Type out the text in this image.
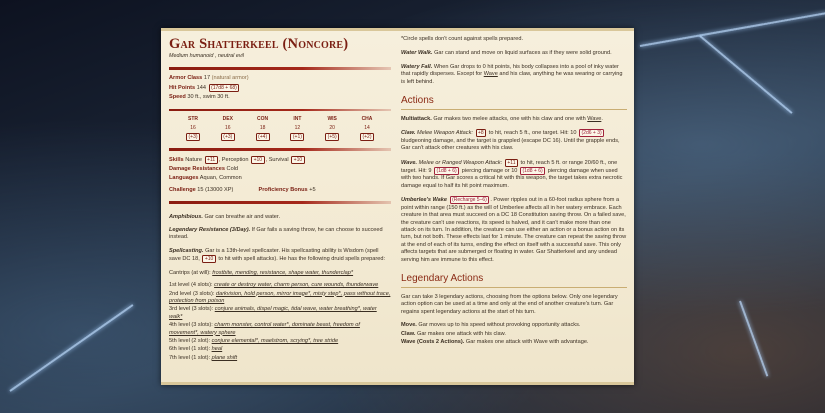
Gar Shatterkeel (Noncore)
Medium humanoid , neutral evil
Armor Class 17 (natural armor)
Hit Points 144 (17d8 + 68)
Speed 30 ft., swim 30 ft.
STR
16
(+3)
DEX
16
(+3)
CON
18
(+4)
INT
12
(+1)
WIS
20
(+5)
CHA
14
(+2)
Skills Nature +11 , Perception +10 , Survival +10
Damage Resistances Cold
Languages Aquan, Common
Challenge 15 (13000 XP)	Proficiency Bonus +5
Amphibious. Gar can breathe air and water.
Legendary Resistance (3/Day). If Gar fails a saving throw, he can choose to succeed instead.
Spellcasting. Gar is a 13th-level spellcaster. His spellcasting ability is Wisdom (spell save DC 18, +10 to hit with spell attacks). He has the following druid spells prepared:
Cantrips (at will): frostbite, mending, resistance, shape water, thunderclap*
1st level (4 slots): create or destroy water, charm person, cure wounds, thunderwave
2nd level (3 slots): darkvision, hold person, mirror image*, misty step*, pass without trace, protection from poison
3rd level (3 slots): conjure animals, dispel magic, tidal wave, water breathing*, water walk*
4th level (3 slots): charm monster, control water*, dominate beast, freedom of movement*, watery sphere
5th level (2 slot): conjure elemental*, maelstrom, scrying*, tree stride
6th level (1 slot): heal
7th level (1 slot): plane shift
*Circle spells don't count against spells prepared.
Water Walk. Gar can stand and move on liquid surfaces as if they were solid ground.
Watery Fall. When Gar drops to 0 hit points, his body collapses into a pool of inky water that rapidly disperses. Except for Wave and his claw, anything he was wearing or carrying is left behind.
Actions
Multiattack. Gar makes two melee attacks, one with his claw and one with Wave.
Claw. Melee Weapon Attack: +8 to hit, reach 5 ft., one target. Hit: 10 (2d6 + 3) bludgeoning damage, and the target is grappled (escape DC 16). Until the grapple ends, Gar can't attack other creatures with his claw.
Wave. Melee or Ranged Weapon Attack: +11 to hit, reach 5 ft. or range 20/60 ft., one target. Hit: 9 (1d8 + 6) piercing damage or 10 (1d8 + 6) piercing damage when used with two hands. If Gar scores a critical hit with this weapon, the target takes extra necrotic damage equal to half its hit point maximum.
Umberlee's Wake (Recharge 5–6) . Power ripples out in a 60-foot radius sphere from a point within range (150 ft.) as the will of Umberlee affects all in her watery embrace. Each creature in that area must succeed on a DC 18 Constitution saving throw. On a failed save, the creature can't use reactions, its speed is halved, and it can't make more than one attack on its turn. In addition, the creature can use either an action or a bonus action on its turn, but not both. These effects last for 1 minute. The creature can repeat the saving throw at the end of each of its turns, ending the effect on itself with a successful save. This only affects targets that are submerged or floating in water. Gar Shatterkeel and any undead serving him are immune to this effect.
Legendary Actions
Gar can take 3 legendary actions, choosing from the options below. Only one legendary action option can be used at a time and only at the end of another creature's turn. Gar regains spent legendary actions at the start of his turn.
Move. Gar moves up to his speed without provoking opportunity attacks.
Claw. Gar makes one attack with his claw.
Wave (Costs 2 Actions). Gar makes one attack with Wave with advantage.
